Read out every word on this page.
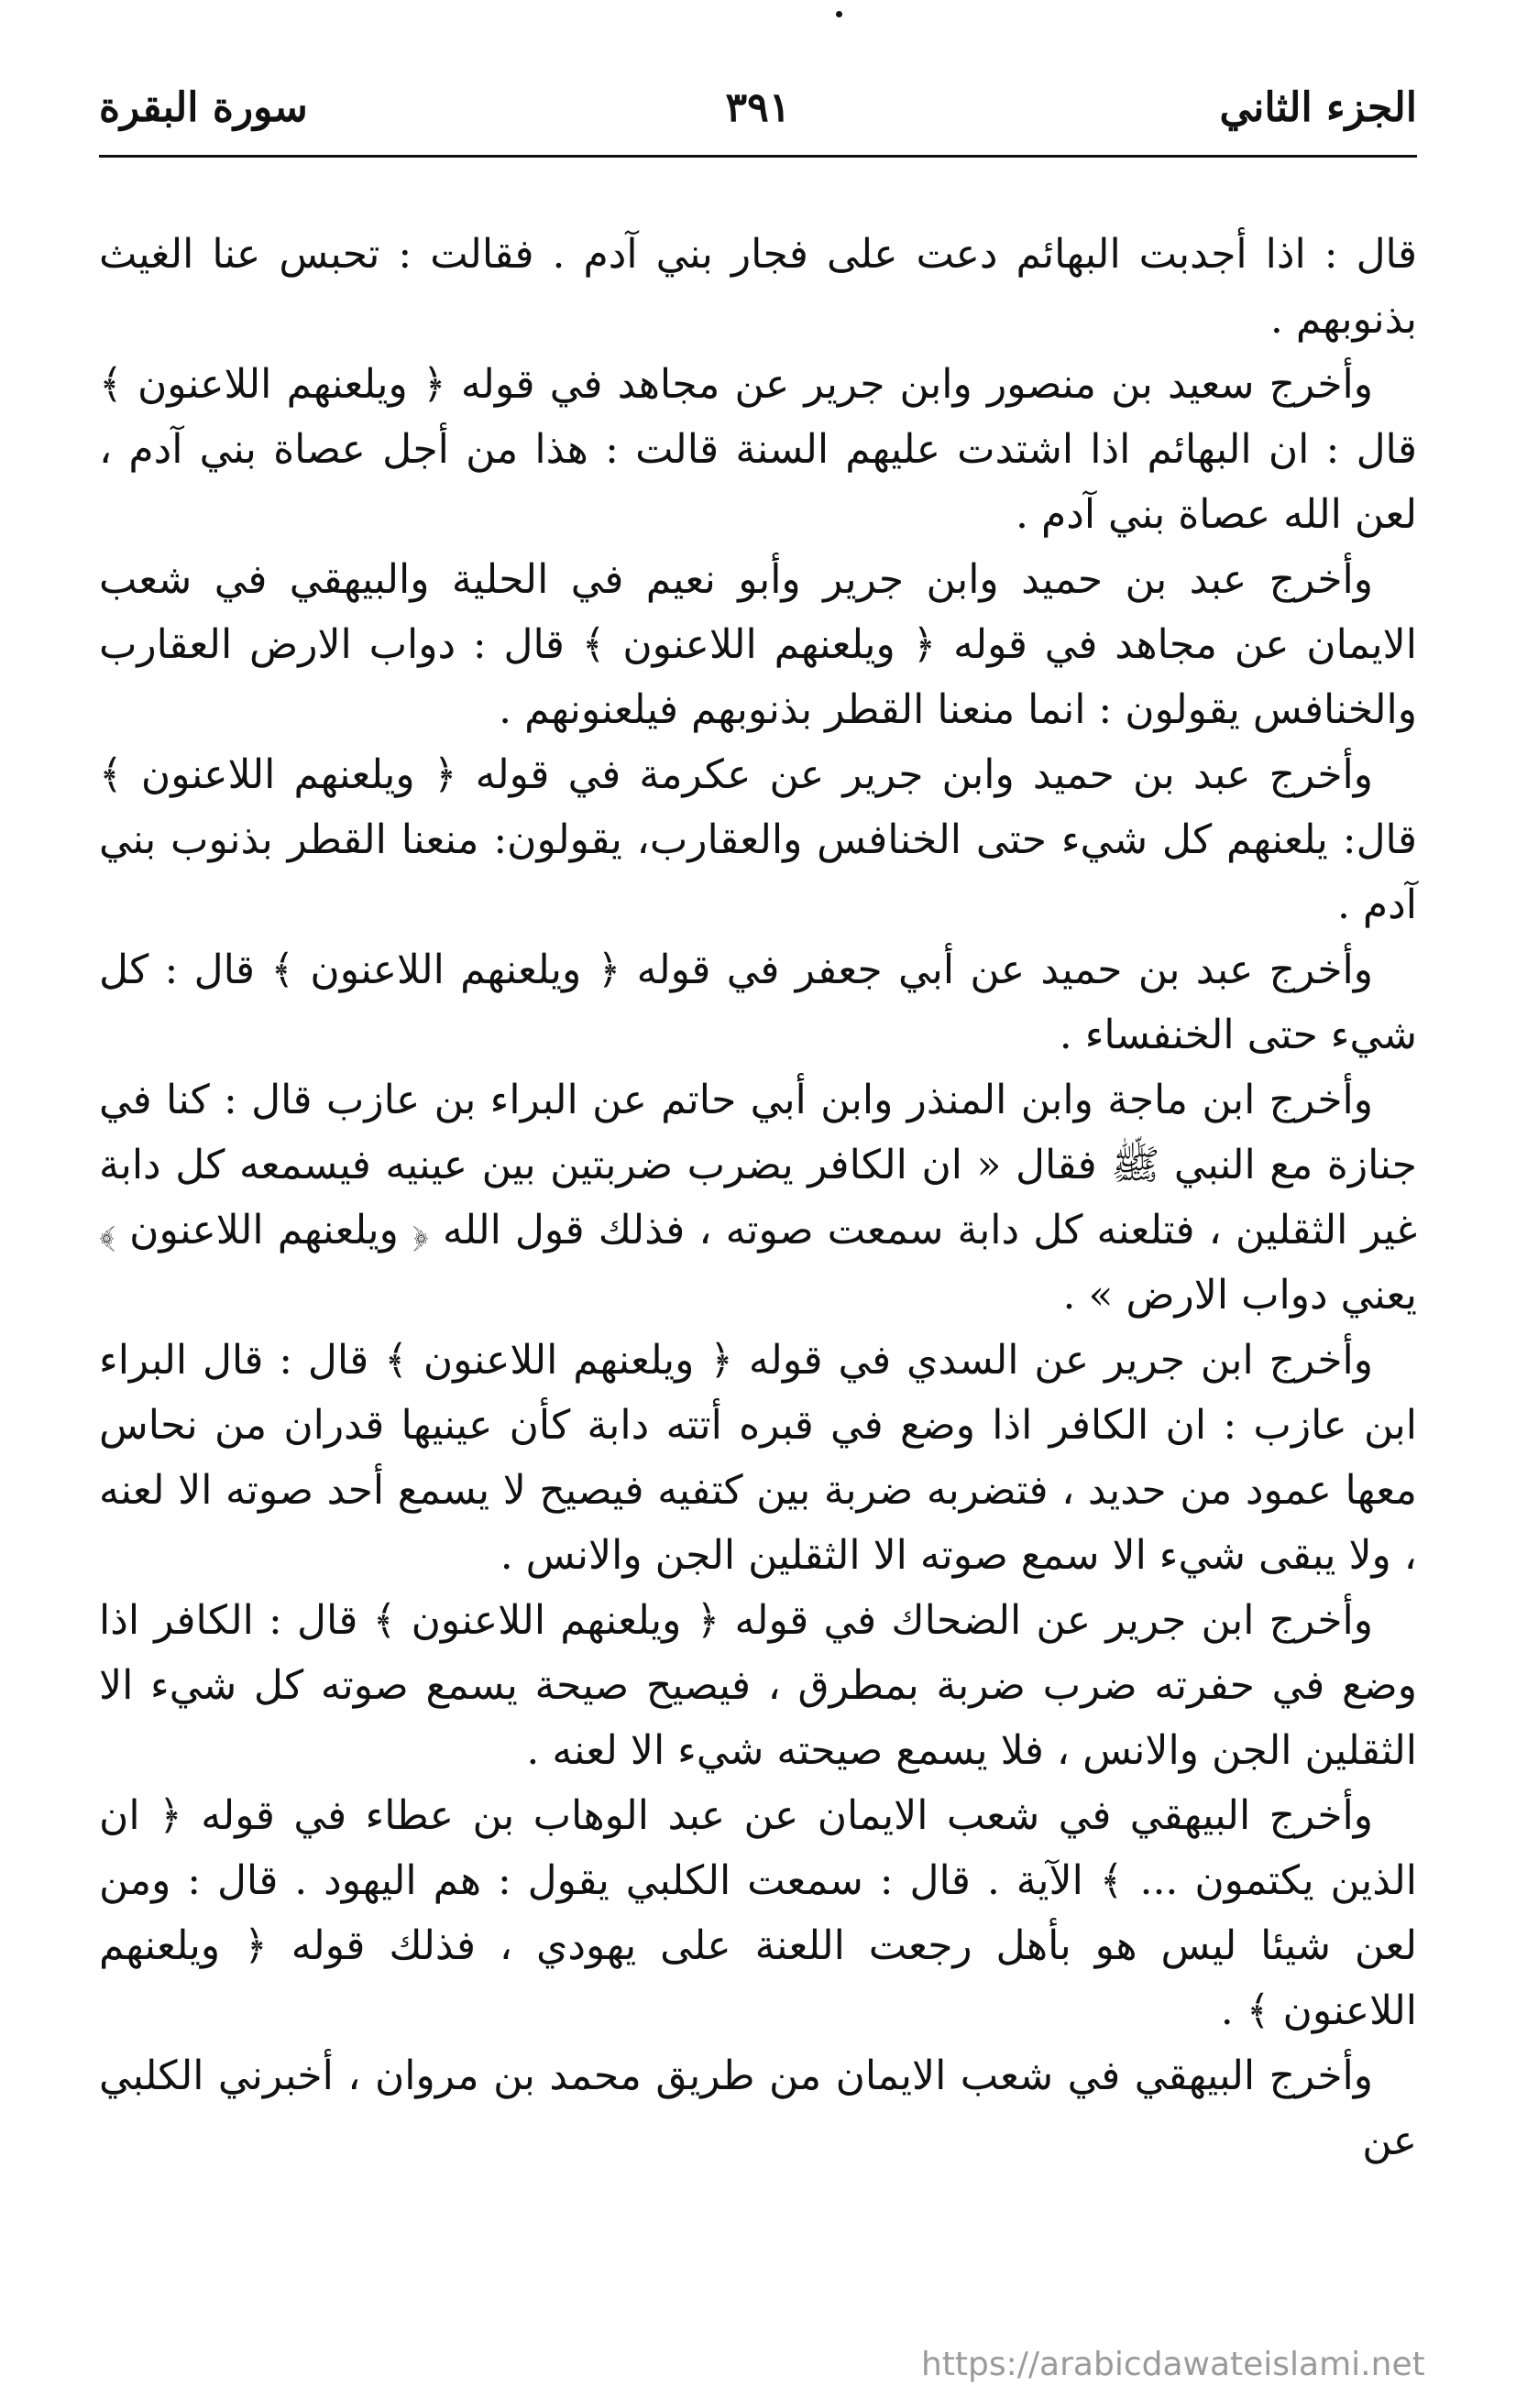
الجزء الثاني
٣٩١
سورة البقرة

قال : اذا أجدبت البهائم دعت على فجار بني آدم . فقالت : تحبس عنا الغيث بذنوبهم .

وأخرج سعيد بن منصور وابن جرير عن مجاهد في قوله ﴿ ويلعنهم اللاعنون ﴾ قال : ان البهائم اذا اشتدت عليهم السنة قالت : هذا من أجل عصاة بني آدم ، لعن الله عصاة بني آدم .

وأخرج عبد بن حميد وابن جرير وأبو نعيم في الحلية والبيهقي في شعب الايمان عن مجاهد في قوله ﴿ ويلعنهم اللاعنون ﴾ قال : دواب الارض العقارب والخنافس يقولون : انما منعنا القطر بذنوبهم فيلعنونهم .

وأخرج عبد بن حميد وابن جرير عن عكرمة في قوله ﴿ ويلعنهم اللاعنون ﴾ قال: يلعنهم كل شيء حتى الخنافس والعقارب، يقولون: منعنا القطر بذنوب بني آدم .

وأخرج عبد بن حميد عن أبي جعفر في قوله ﴿ ويلعنهم اللاعنون ﴾ قال : كل شيء حتى الخنفساء .

وأخرج ابن ماجة وابن المنذر وابن أبي حاتم عن البراء بن عازب قال : كنا في جنازة مع النبي ﷺ فقال « ان الكافر يضرب ضربتين بين عينيه فيسمعه كل دابة غير الثقلين ، فتلعنه كل دابة سمعت صوته ، فذلك قول الله ﴿ ويلعنهم اللاعنون ﴾ يعني دواب الارض » .

وأخرج ابن جرير عن السدي في قوله ﴿ ويلعنهم اللاعنون ﴾ قال : قال البراء ابن عازب : ان الكافر اذا وضع في قبره أتته دابة كأن عينيها قدران من نحاس معها عمود من حديد ، فتضربه ضربة بين كتفيه فيصيح لا يسمع أحد صوته الا لعنه ، ولا يبقى شيء الا سمع صوته الا الثقلين الجن والانس .

وأخرج ابن جرير عن الضحاك في قوله ﴿ ويلعنهم اللاعنون ﴾ قال : الكافر اذا وضع في حفرته ضرب ضربة بمطرق ، فيصيح صيحة يسمع صوته كل شيء الا الثقلين الجن والانس ، فلا يسمع صيحته شيء الا لعنه .

وأخرج البيهقي في شعب الايمان عن عبد الوهاب بن عطاء في قوله ﴿ ان الذين يكتمون ... ﴾ الآية . قال : سمعت الكلبي يقول : هم اليهود . قال : ومن لعن شيئا ليس هو بأهل رجعت اللعنة على يهودي ، فذلك قوله ﴿ ويلعنهم اللاعنون ﴾ .

وأخرج البيهقي في شعب الايمان من طريق محمد بن مروان ، أخبرني الكلبي عن

https://arabicdawateislami.net
